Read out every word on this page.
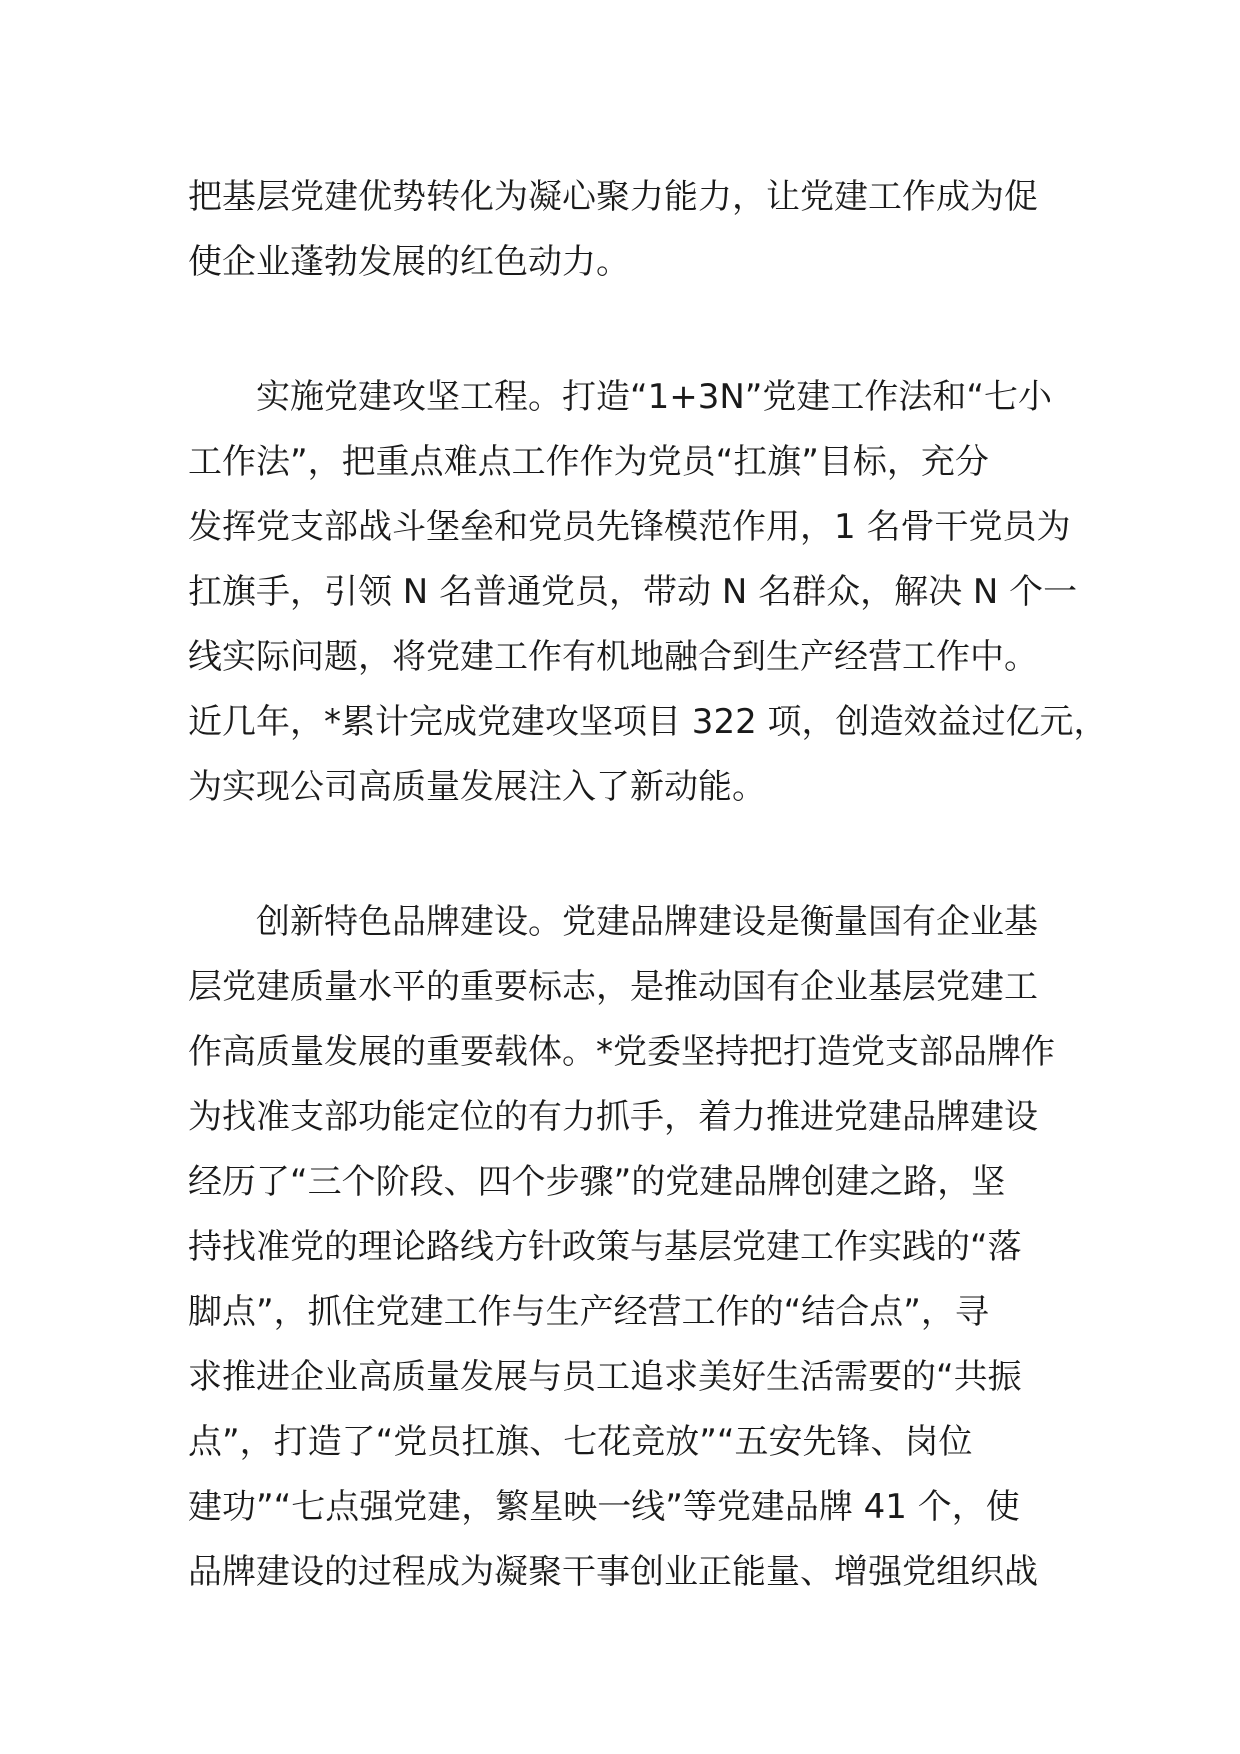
把基层党建优势转化为凝心聚力能力，让党建工作成为促
使企业蓬勃发展的红色动力。
实施党建攻坚工程。打造“1+3N”党建工作法和“七小
工作法”，把重点难点工作作为党员“扛旗”目标，充分
发挥党支部战斗堡垒和党员先锋模范作用，1 名骨干党员为
扛旗手，引领 N 名普通党员，带动 N 名群众，解决 N 个一
线实际问题，将党建工作有机地融合到生产经营工作中。
近几年，*累计完成党建攻坚项目 322 项，创造效益过亿元，
为实现公司高质量发展注入了新动能。
创新特色品牌建设。党建品牌建设是衡量国有企业基
层党建质量水平的重要标志，是推动国有企业基层党建工
作高质量发展的重要载体。*党委坚持把打造党支部品牌作
为找准支部功能定位的有力抓手，着力推进党建品牌建设
经历了“三个阶段、四个步骤”的党建品牌创建之路，坚
持找准党的理论路线方针政策与基层党建工作实践的“落
脚点”，抓住党建工作与生产经营工作的“结合点”，寻
求推进企业高质量发展与员工追求美好生活需要的“共振
点”，打造了“党员扛旗、七花竞放”“五安先锋、岗位
建功”“七点强党建，繁星映一线”等党建品牌 41 个，使
品牌建设的过程成为凝聚干事创业正能量、增强党组织战
